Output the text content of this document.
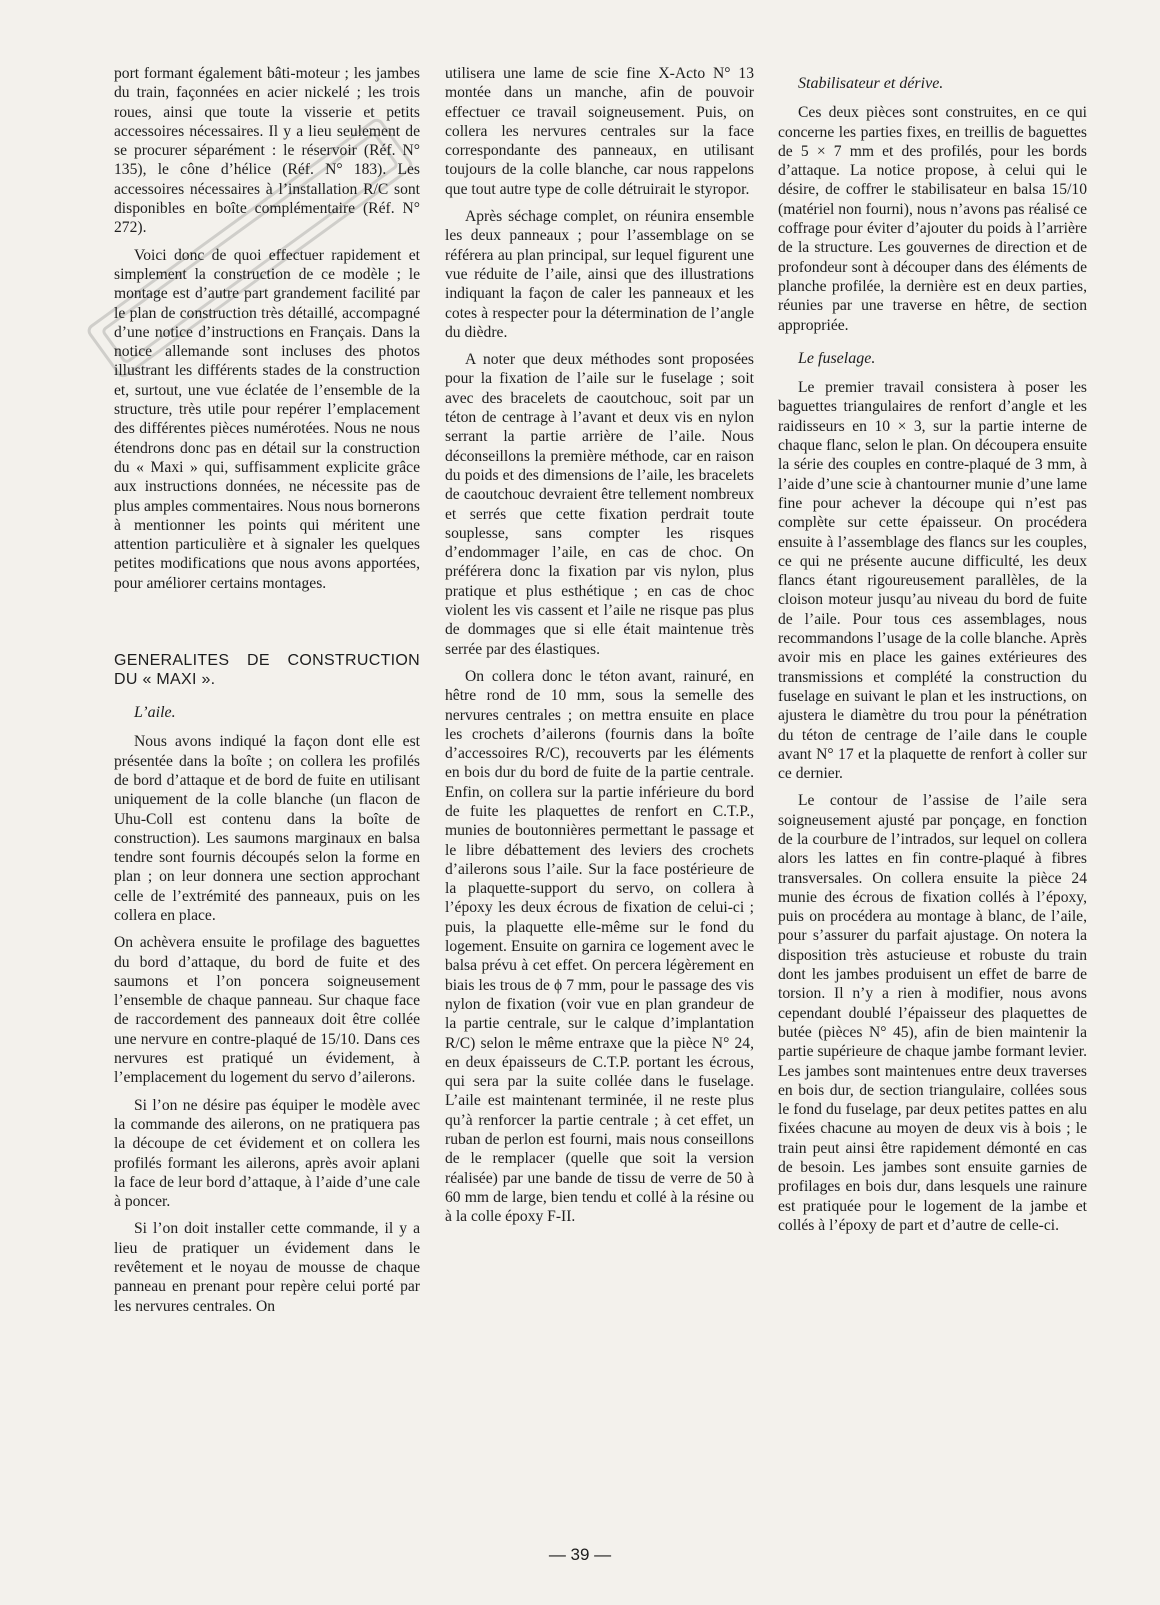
port formant également bâti-moteur ; les jambes du train, façonnées en acier nickelé ; les trois roues, ainsi que toute la visserie et petits accessoires nécessaires. Il y a lieu seulement de se procurer séparément : le réservoir (Réf. N° 135), le cône d’hélice (Réf. N° 183). Les accessoires nécessaires à l’installation R/C sont disponibles en boîte complémentaire (Réf. N° 272).

Voici donc de quoi effectuer rapidement et simplement la construction de ce modèle ; le montage est d’autre part grandement facilité par le plan de construction très détaillé, accompagné d’une notice d’instructions en Français. Dans la notice allemande sont incluses des photos illustrant les différents stades de la construction et, surtout, une vue éclatée de l’ensemble de la structure, très utile pour repérer l’emplacement des différentes pièces numérotées. Nous ne nous étendrons donc pas en détail sur la construction du « Maxi » qui, suffisamment explicite grâce aux instructions données, ne nécessite pas de plus amples commentaires. Nous nous bornerons à mentionner les points qui méritent une attention particulière et à signaler les quelques petites modifications que nous avons apportées, pour améliorer certains montages.

GENERALITES DE CONSTRUCTION DU « MAXI ».
L’aile.

Nous avons indiqué la façon dont elle est présentée dans la boîte ; on collera les profilés de bord d’attaque et de bord de fuite en utilisant uniquement de la colle blanche (un flacon de Uhu-Coll est contenu dans la boîte de construction). Les saumons marginaux en balsa tendre sont fournis découpés selon la forme en plan ; on leur donnera une section approchant celle de l’extrémité des panneaux, puis on les collera en place.

On achèvera ensuite le profilage des baguettes du bord d’attaque, du bord de fuite et des saumons et l’on poncera soigneusement l’ensemble de chaque panneau. Sur chaque face de raccordement des panneaux doit être collée une nervure en contre-plaqué de 15/10. Dans ces nervures est pratiqué un évidement, à l’emplacement du logement du servo d’ailerons.

Si l’on ne désire pas équiper le modèle avec la commande des ailerons, on ne pratiquera pas la découpe de cet évidement et on collera les profilés formant les ailerons, après avoir aplani la face de leur bord d’attaque, à l’aide d’une cale à poncer.

Si l’on doit installer cette commande, il y a lieu de pratiquer un évidement dans le revêtement et le noyau de mousse de chaque panneau en prenant pour repère celui porté par les nervures centrales. On

utilisera une lame de scie fine X-Acto N° 13 montée dans un manche, afin de pouvoir effectuer ce travail soigneusement. Puis, on collera les nervures centrales sur la face correspondante des panneaux, en utilisant toujours de la colle blanche, car nous rappelons que tout autre type de colle détruirait le styropor.

Après séchage complet, on réunira ensemble les deux panneaux ; pour l’assemblage on se référera au plan principal, sur lequel figurent une vue réduite de l’aile, ainsi que des illustrations indiquant la façon de caler les panneaux et les cotes à respecter pour la détermination de l’angle du dièdre.

A noter que deux méthodes sont proposées pour la fixation de l’aile sur le fuselage ; soit avec des bracelets de caoutchouc, soit par un téton de centrage à l’avant et deux vis en nylon serrant la partie arrière de l’aile. Nous déconseillons la première méthode, car en raison du poids et des dimensions de l’aile, les bracelets de caoutchouc devraient être tellement nombreux et serrés que cette fixation perdrait toute souplesse, sans compter les risques d’endommager l’aile, en cas de choc. On préférera donc la fixation par vis nylon, plus pratique et plus esthétique ; en cas de choc violent les vis cassent et l’aile ne risque pas plus de dommages que si elle était maintenue très serrée par des élastiques.

On collera donc le téton avant, rainuré, en hêtre rond de 10 mm, sous la semelle des nervures centrales ; on mettra ensuite en place les crochets d’ailerons (fournis dans la boîte d’accessoires R/C), recouverts par les éléments en bois dur du bord de fuite de la partie centrale. Enfin, on collera sur la partie inférieure du bord de fuite les plaquettes de renfort en C.T.P., munies de boutonnières permettant le passage et le libre débattement des leviers des crochets d’ailerons sous l’aile. Sur la face postérieure de la plaquette-support du servo, on collera à l’époxy les deux écrous de fixation de celui-ci ; puis, la plaquette elle-même sur le fond du logement. Ensuite on garnira ce logement avec le balsa prévu à cet effet. On percera légèrement en biais les trous de ϕ 7 mm, pour le passage des vis nylon de fixation (voir vue en plan grandeur de la partie centrale, sur le calque d’implantation R/C) selon le même entraxe que la pièce N° 24, en deux épaisseurs de C.T.P. portant les écrous, qui sera par la suite collée dans le fuselage. L’aile est maintenant terminée, il ne reste plus qu’à renforcer la partie centrale ; à cet effet, un ruban de perlon est fourni, mais nous conseillons de le remplacer (quelle que soit la version réalisée) par une bande de tissu de verre de 50 à 60 mm de large, bien tendu et collé à la résine ou à la colle époxy F-II.

Stabilisateur et dérive.

Ces deux pièces sont construites, en ce qui concerne les parties fixes, en treillis de baguettes de 5 × 7 mm et des profilés, pour les bords d’attaque. La notice propose, à celui qui le désire, de coffrer le stabilisateur en balsa 15/10 (matériel non fourni), nous n’avons pas réalisé ce coffrage pour éviter d’ajouter du poids à l’arrière de la structure. Les gouvernes de direction et de profondeur sont à découper dans des éléments de planche profilée, la dernière est en deux parties, réunies par une traverse en hêtre, de section appropriée.

Le fuselage.

Le premier travail consistera à poser les baguettes triangulaires de renfort d’angle et les raidisseurs en 10 × 3, sur la partie interne de chaque flanc, selon le plan. On découpera ensuite la série des couples en contre-plaqué de 3 mm, à l’aide d’une scie à chantourner munie d’une lame fine pour achever la découpe qui n’est pas complète sur cette épaisseur. On procédera ensuite à l’assemblage des flancs sur les couples, ce qui ne présente aucune difficulté, les deux flancs étant rigoureusement parallèles, de la cloison moteur jusqu’au niveau du bord de fuite de l’aile. Pour tous ces assemblages, nous recommandons l’usage de la colle blanche. Après avoir mis en place les gaines extérieures des transmissions et complété la construction du fuselage en suivant le plan et les instructions, on ajustera le diamètre du trou pour la pénétration du téton de centrage de l’aile dans le couple avant N° 17 et la plaquette de renfort à coller sur ce dernier.

Le contour de l’assise de l’aile sera soigneusement ajusté par ponçage, en fonction de la courbure de l’intrados, sur lequel on collera alors les lattes en fin contre-plaqué à fibres transversales. On collera ensuite la pièce 24 munie des écrous de fixation collés à l’époxy, puis on procédera au montage à blanc, de l’aile, pour s’assurer du parfait ajustage. On notera la disposition très astucieuse et robuste du train dont les jambes produisent un effet de barre de torsion. Il n’y a rien à modifier, nous avons cependant doublé l’épaisseur des plaquettes de butée (pièces N° 45), afin de bien maintenir la partie supérieure de chaque jambe formant levier. Les jambes sont maintenues entre deux traverses en bois dur, de section triangulaire, collées sous le fond du fuselage, par deux petites pattes en alu fixées chacune au moyen de deux vis à bois ; le train peut ainsi être rapidement démonté en cas de besoin. Les jambes sont ensuite garnies de profilages en bois dur, dans lesquels une rainure est pratiquée pour le logement de la jambe et collés à l’époxy de part et d’autre de celle-ci.

— 39 —
